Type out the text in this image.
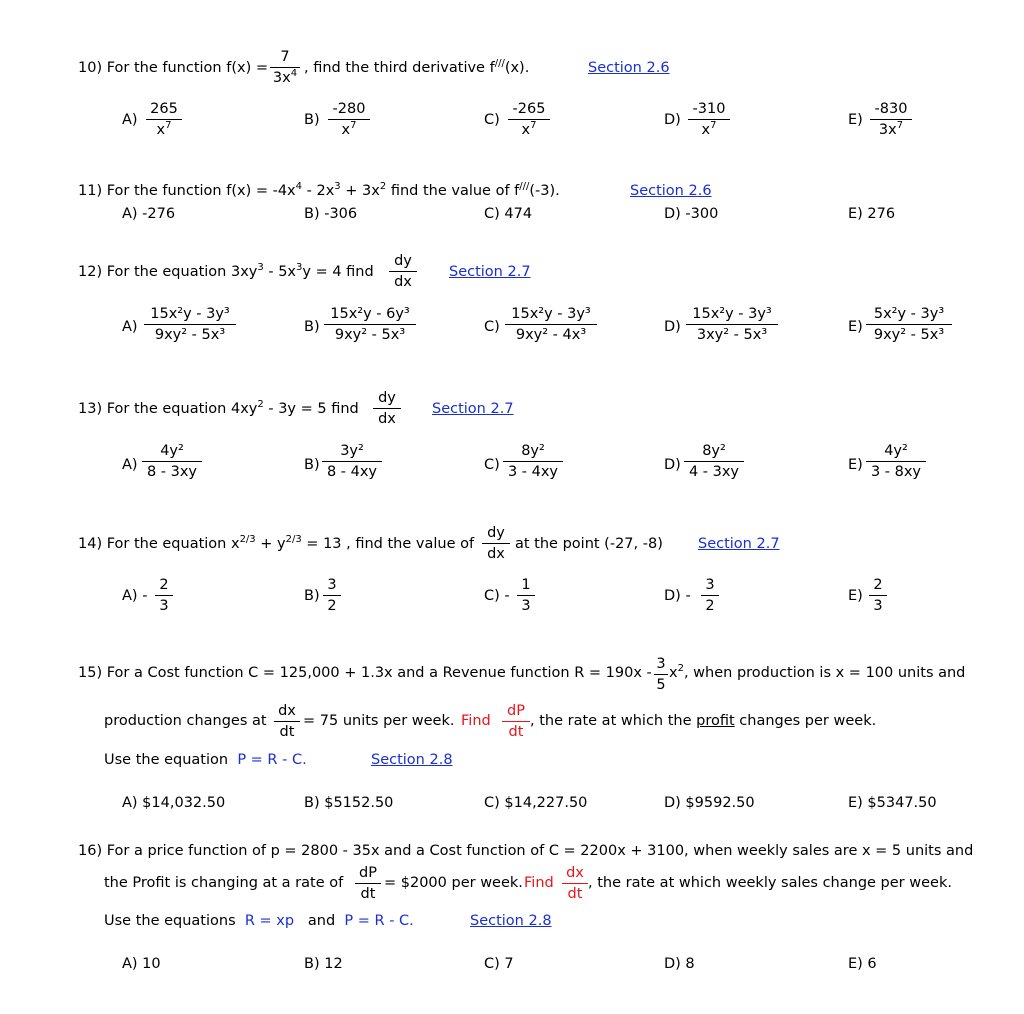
10) For the function f(x) =
7
$3x^4$ , find the third derivative f///(x).	Section 2.6
A)
265
$x^7$	B)
-280
$x^7$	C)
-265
$x^7$	D)
-310
$x^7$	E)
-830
$3x^7$
11) For the function $f(x) = -4x^4 - 2x^3 + 3x^2$ find the value of f///(-3).	Section 2.6
A) -276	B) -306	C) 474	D) -300	E) 276
12) For the equation $3xy^3 - 5x^3y = 4$ find
dy
dx
Section 2.7
A)
15x²y - 3y³
9xy² - 5x³	B)
15x²y - 6y³
9xy² - 5x³	C)
15x²y - 3y³
9xy² - 4x³	D)
15x²y - 3y³
3xy² - 5x³	E)
5x²y - 3y³
9xy² - 5x³
13) For the equation $4xy^2 - 3y = 5$ find
dy
dx
Section 2.7
A)
4y²
8 - 3xy	B)
3y²
8 - 4xy	C)
8y²
3 - 4xy	D)
8y²
4 - 3xy	E)
4y²
3 - 8xy
14) For the equation $x^{2/3} + y^{2/3} = 13$ , find the value of
dy
dx
at the point (-27, -8) Section 2.7
A) -
2
3
B)
3
2
C) -
1
3
D) -
3
2
E)
2
3
15) For a Cost function C = 125,000 + 1.3x and a Revenue function R = 190x -
3
5
$x^2$, when production is x = 100 units and
production changes at
dx
dt
= 75 units per week. Find
dP
dt
, the rate at which the profit changes per week.
Use the equation P = R - C.	Section 2.8
A) $14,032.50	B) $5152.50	C) $14,227.50	D) $9592.50	E) $5347.50
16) For a price function of p = 2800 - 35x and a Cost function of C = 2200x + 3100, when weekly sales are x = 5 units and
the Profit is changing at a rate of
dP
dt
= $2000 per week. Find
dx
dt
, the rate at which weekly sales change per week.
Use the equations R = xp and P = R - C.	Section 2.8
A) 10	B) 12	C) 7	D) 8	E) 6
